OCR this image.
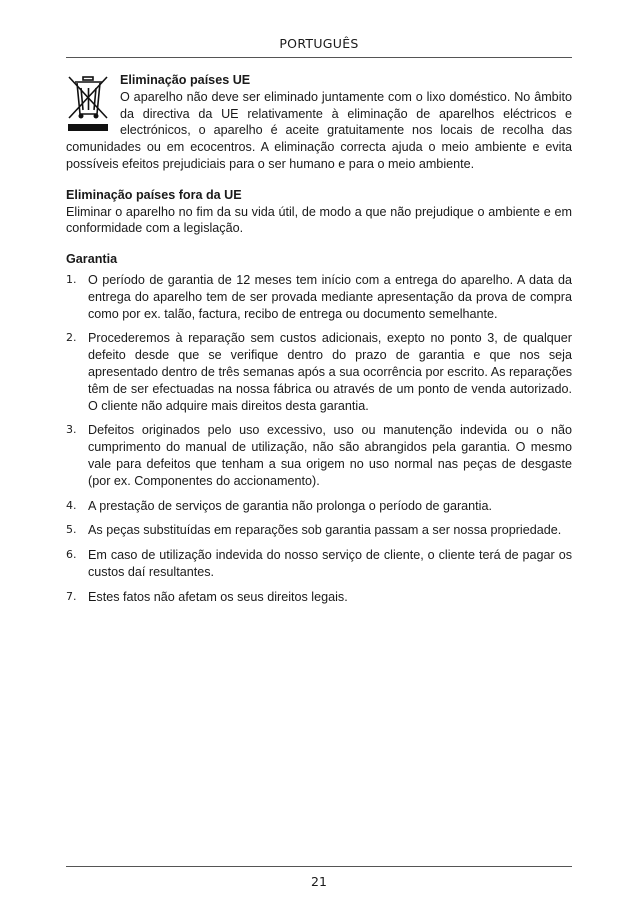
PORTUGUÊS

Eliminação países UE
O aparelho não deve ser eliminado juntamente com o lixo doméstico. No âmbito da directiva da UE relativamente à eliminação de aparelhos eléctricos e electrónicos, o aparelho é aceite gratuitamente nos locais de recolha das comunidades ou em ecocentros. A eliminação correcta ajuda o meio ambiente e evita possíveis efeitos prejudiciais para o ser humano e para o meio ambiente.

Eliminação países fora da UE

Eliminar o aparelho no fim da su vida útil, de modo a que não prejudique o ambiente e em conformidade com a legislação.

Garantia

1. O período de garantia de 12 meses tem início com a entrega do aparelho. A data da entrega do aparelho tem de ser provada mediante apresentação da prova de compra como por ex. talão, factura, recibo de entrega ou documento semelhante.
2. Procederemos à reparação sem custos adicionais, exepto no ponto 3, de qualquer defeito desde que se verifique dentro do prazo de garantia e que nos seja apresentado dentro de três semanas após a sua ocorrência por escrito. As reparações têm de ser efectuadas na nossa fábrica ou através de um ponto de venda autorizado. O cliente não adquire mais direitos desta garantia.
3. Defeitos originados pelo uso excessivo, uso ou manutenção indevida ou o não cumprimento do manual de utilização, não são abrangidos pela garantia. O mesmo vale para defeitos que tenham a sua origem no uso normal nas peças de desgaste (por ex. Componentes do accionamento).
4. A prestação de serviços de garantia não prolonga o período de garantia.
5. As peças substituídas em reparações sob garantia passam a ser nossa propriedade.
6. Em caso de utilização indevida do nosso serviço de cliente, o cliente terá de pagar os custos daí resultantes.
7. Estes fatos não afetam os seus direitos legais.
21
